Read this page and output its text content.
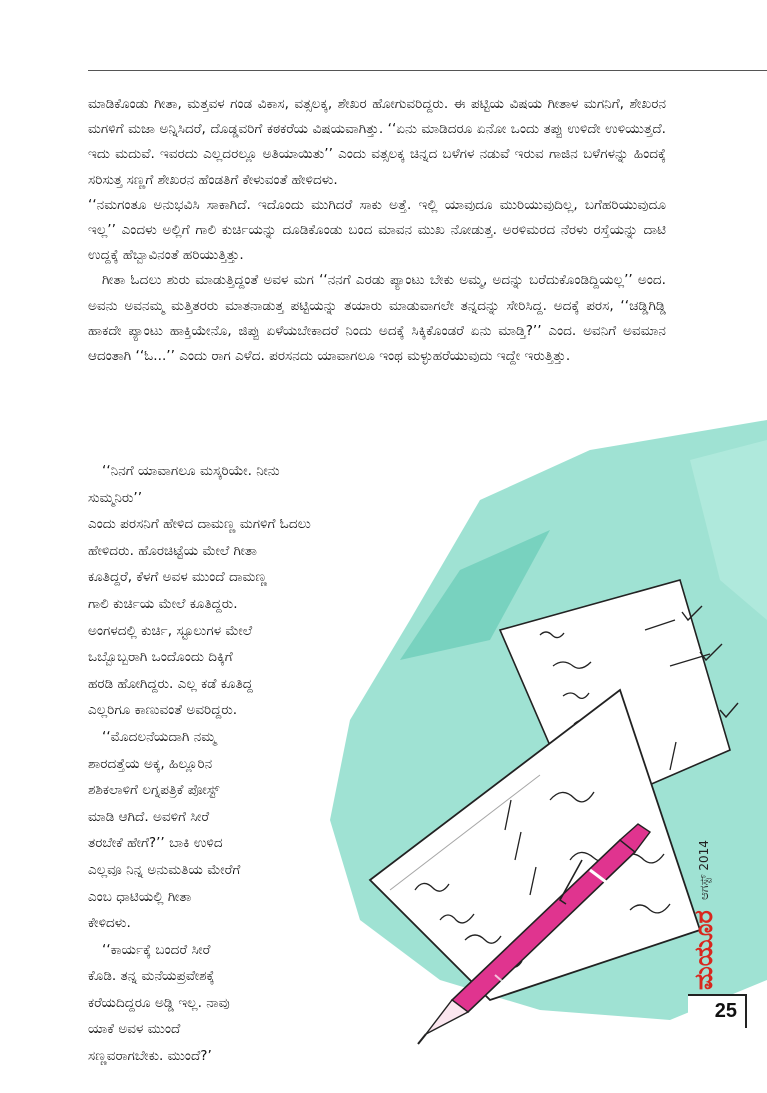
ಮಾಡಿಕೊಂಡು ಗೀತಾ, ಮತ್ತವಳ ಗಂಡ ವಿಕಾಸ, ವತ್ಸಲಕ್ಕ, ಶೇಖರ ಹೋಗುವರಿದ್ದರು. ಈ ಪಟ್ಟಿಯ ವಿಷಯ ಗೀತಾಳ ಮಗನಿಗೆ, ಶೇಖರನ ಮಗಳಿಗೆ ಮಜಾ ಅನ್ನಿಸಿದರೆ, ದೊಡ್ಡವರಿಗೆ ಕಠಕರೆಯ ವಿಷಯವಾಗಿತ್ತು. ‘‘ಏನು ಮಾಡಿದರೂ ಏನೋ ಒಂದು ತಪ್ಪು ಉಳಿದೇ ಉಳಿಯುತ್ತದೆ. ಇದು ಮದುವೆ. ಇವರದು ಎಲ್ಲದರಲ್ಲೂ ಅತಿಯಾಯಿತು’’ ಎಂದು ವತ್ಸಲಕ್ಕ ಚಿನ್ನದ ಬಳೆಗಳ ನಡುವೆ ಇರುವ ಗಾಜಿನ ಬಳೆಗಳನ್ನು ಹಿಂದಕ್ಕೆ ಸರಿಸುತ್ತ ಸಣ್ಣಗೆ ಶೇಖರನ ಹೆಂಡತಿಗೆ ಕೇಳುವಂತೆ ಹೇಳಿದಳು.

‘‘ನಮಗಂತೂ ಅನುಭವಿಸಿ ಸಾಕಾಗಿದೆ. ಇದೊಂದು ಮುಗಿದರೆ ಸಾಕು ಅತ್ತೆ. ಇಲ್ಲಿ ಯಾವುದೂ ಮುರಿಯುವುದಿಲ್ಲ, ಬಗೆಹರಿಯುವುದೂ ಇಲ್ಲ’’ ಎಂದಳು ಅಲ್ಲಿಗೆ ಗಾಲಿ ಕುರ್ಚಿಯನ್ನು ದೂಡಿಕೊಂಡು ಬಂದ ಮಾವನ ಮುಖ ನೋಡುತ್ತ. ಅರಳಿಮರದ ನೆರಳು ರಸ್ತೆಯನ್ನು ದಾಟಿ ಉದ್ದಕ್ಕೆ ಹೆಬ್ಬಾವಿನಂತೆ ಹರಿಯುತ್ತಿತ್ತು.

ಗೀತಾ ಓದಲು ಶುರು ಮಾಡುತ್ತಿದ್ದಂತೆ ಅವಳ ಮಗ ‘‘ನನಗೆ ಎರಡು ಪ್ಯಾಂಟು ಬೇಕು ಅಮ್ಮ, ಅದನ್ನು ಬರೆದುಕೊಂಡಿದ್ದಿಯಲ್ಲ’’ ಅಂದ. ಅವನು ಅವನಮ್ಮ ಮತ್ತಿತರರು ಮಾತನಾಡುತ್ತ ಪಟ್ಟಿಯನ್ನು ತಯಾರು ಮಾಡುವಾಗಲೇ ತನ್ನದನ್ನು ಸೇರಿಸಿದ್ದ. ಅದಕ್ಕೆ ಪರಸ, ‘‘ಚಡ್ಡಿಗಿಡ್ಡಿ ಹಾಕದೇ ಪ್ಯಾಂಟು ಹಾಕ್ತಿಯೇನೊ, ಜಿಪ್ಪು ಏಳೆಯಬೇಕಾದರೆ ನಿಂದು ಅದಕ್ಕೆ ಸಿಕ್ಕಿಕೊಂಡರೆ ಏನು ಮಾಡ್ತಿ?’’ ಎಂದ. ಅವನಿಗೆ ಅವಮಾನ ಆದಂತಾಗಿ ‘‘ಓ...’’ ಎಂದು ರಾಗ ಎಳೆದ. ಪರಸನದು ಯಾವಾಗಲೂ ಇಂಥ ಮಳ್ಳುಹರೆಯುವುದು ಇದ್ದೇ ಇರುತ್ತಿತ್ತು.

‘‘ನಿನಗೆ ಯಾವಾಗಲೂ ಮಸ್ಕರಿಯೇ. ನೀನು ಸುಮ್ಮನಿರು’’
ಎಂದು ಪರಸನಿಗೆ ಹೇಳಿದ ದಾಮಣ್ಣ ಮಗಳಿಗೆ ಓದಲು
ಹೇಳಿದರು. ಹೊರಚಿಟ್ಟೆಯ ಮೇಲೆ ಗೀತಾ
ಕೂತಿದ್ದರೆ, ಕೆಳಗೆ ಅವಳ ಮುಂದೆ ದಾಮಣ್ಣ
ಗಾಲಿ ಕುರ್ಚಿಯ ಮೇಲೆ ಕೂತಿದ್ದರು.
ಅಂಗಳದಲ್ಲಿ ಕುರ್ಚಿ, ಸ್ಟೂಲುಗಳ ಮೇಲೆ
ಒಬ್ಬೊಬ್ಬರಾಗಿ ಒಂದೊಂದು ದಿಕ್ಕಿಗೆ
ಹರಡಿ ಹೋಗಿದ್ದರು. ಎಲ್ಲ ಕಡೆ ಕೂತಿದ್ದ
ಎಲ್ಲರಿಗೂ ಕಾಣುವಂತೆ ಅವರಿದ್ದರು.

‘‘ಮೊದಲನೆಯದಾಗಿ ನಮ್ಮ
ಶಾರದತ್ತೆಯ ಅಕ್ಕ, ಹಿಲ್ಲೂರಿನ
ಶಶಿಕಲಾಳಿಗೆ ಲಗ್ನಪತ್ರಿಕೆ ಪೋಸ್ಟ್
ಮಾಡಿ ಆಗಿದೆ. ಅವಳಿಗೆ ಸೀರೆ
ತರಬೇಕೆ ಹೇಗೆ?’’ ಬಾಕಿ ಉಳಿದ
ಎಲ್ಲವೂ ನಿನ್ನ ಅನುಮತಿಯ ಮೇರೆಗೆ
ಎಂಬ ಧಾಟಿಯಲ್ಲಿ ಗೀತಾ
ಕೇಳಿದಳು.

‘‘ಕಾರ್ಯಕ್ಕೆ ಬಂದರೆ ಸೀರೆ
ಕೊಡಿ. ತನ್ನ ಮನೆಯಪ್ರವೇಶಕ್ಕೆ
ಕರೆಯದಿದ್ದರೂ ಅಡ್ಡಿ ಇಲ್ಲ. ನಾವು
ಯಾಕೆ ಅವಳ ಮುಂದೆ
ಸಣ್ಣವರಾಗಬೇಕು. ಮುಂದೆ?’

ಮಯೂರ
ಆಗಸ್ಟ್ 2014
25
